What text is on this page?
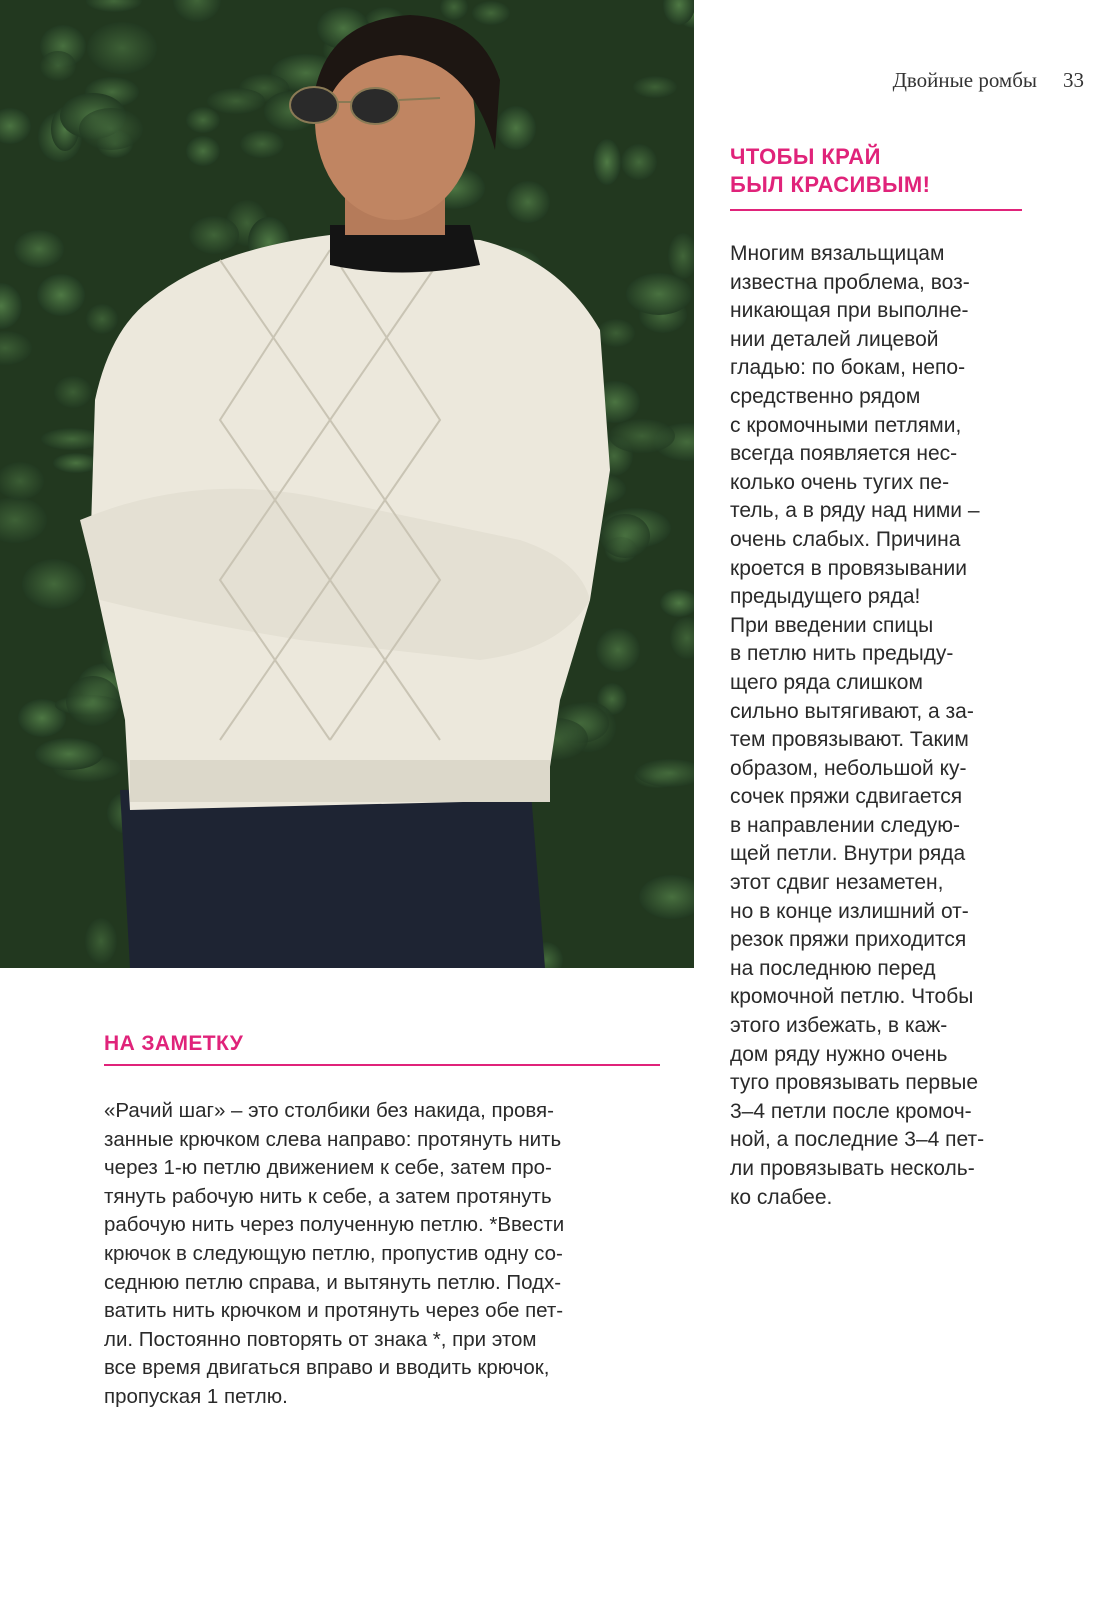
Двойные ромбы 33
ЧТОБЫ КРАЙ
БЫЛ КРАСИВЫМ!
Многим вязальщицам
известна проблема, воз-
никающая при выполне-
нии деталей лицевой
гладью: по бокам, непо-
средственно рядом
с кромочными петлями,
всегда появляется нес-
колько очень тугих пе-
тель, а в ряду над ними –
очень слабых. Причина
кроется в провязывании
предыдущего ряда!
При введении спицы
в петлю нить предыду-
щего ряда слишком
сильно вытягивают, а за-
тем провязывают. Таким
образом, небольшой ку-
сочек пряжи сдвигается
в направлении следую-
щей петли. Внутри ряда
этот сдвиг незаметен,
но в конце излишний от-
резок пряжи приходится
на последнюю перед
кромочной петлю. Чтобы
этого избежать, в каж-
дом ряду нужно очень
туго провязывать первые
3–4 петли после кромоч-
ной, а последние 3–4 пет-
ли провязывать несколь-
ко слабее.
НА ЗАМЕТКУ
«Рачий шаг» – это столбики без накида, провя-
занные крючком слева направо: протянуть нить
через 1-ю петлю движением к себе, затем про-
тянуть рабочую нить к себе, а затем протянуть
рабочую нить через полученную петлю. *Ввести
крючок в следующую петлю, пропустив одну со-
седнюю петлю справа, и вытянуть петлю. Подх-
ватить нить крючком и протянуть через обе пет-
ли. Постоянно повторять от знака *, при этом
все время двигаться вправо и вводить крючок,
пропуская 1 петлю.
